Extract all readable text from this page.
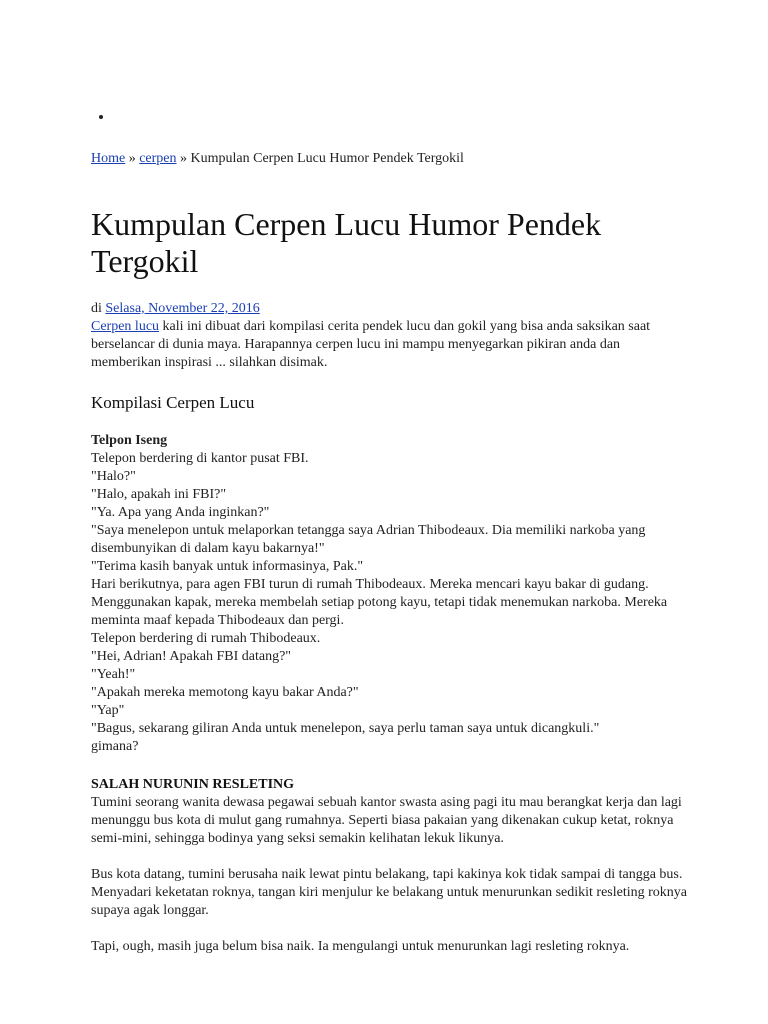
Home » cerpen » Kumpulan Cerpen Lucu Humor Pendek Tergokil

Kumpulan Cerpen Lucu Humor Pendek Tergokil

di Selasa, November 22, 2016

Cerpen lucu kali ini dibuat dari kompilasi cerita pendek lucu dan gokil yang bisa anda saksikan saat berselancar di dunia maya. Harapannya cerpen lucu ini mampu menyegarkan pikiran anda dan memberikan inspirasi ... silahkan disimak.

Kompilasi Cerpen Lucu

Telpon Iseng

Telepon berdering di kantor pusat FBI.

"Halo?"

"Halo, apakah ini FBI?"

"Ya. Apa yang Anda inginkan?"

"Saya menelepon untuk melaporkan tetangga saya Adrian Thibodeaux. Dia memiliki narkoba yang disembunyikan di dalam kayu bakarnya!"

"Terima kasih banyak untuk informasinya, Pak."

Hari berikutnya, para agen FBI turun di rumah Thibodeaux. Mereka mencari kayu bakar di gudang. Menggunakan kapak, mereka membelah setiap potong kayu, tetapi tidak menemukan narkoba. Mereka meminta maaf kepada Thibodeaux dan pergi.

Telepon berdering di rumah Thibodeaux.

"Hei, Adrian! Apakah FBI datang?"

"Yeah!"

"Apakah mereka memotong kayu bakar Anda?"

"Yap"

"Bagus, sekarang giliran Anda untuk menelepon, saya perlu taman saya untuk dicangkuli."

gimana?

SALAH NURUNIN RESLETING

Tumini seorang wanita dewasa pegawai sebuah kantor swasta asing pagi itu mau berangkat kerja dan lagi menunggu bus kota di mulut gang rumahnya. Seperti biasa pakaian yang dikenakan cukup ketat, roknya semi-mini, sehingga bodinya yang seksi semakin kelihatan lekuk likunya.

Bus kota datang, tumini berusaha naik lewat pintu belakang, tapi kakinya kok tidak sampai di tangga bus. Menyadari keketatan roknya, tangan kiri menjulur ke belakang untuk menurunkan sedikit resleting roknya supaya agak longgar.

Tapi, ough, masih juga belum bisa naik. Ia mengulangi untuk menurunkan lagi resleting roknya.
